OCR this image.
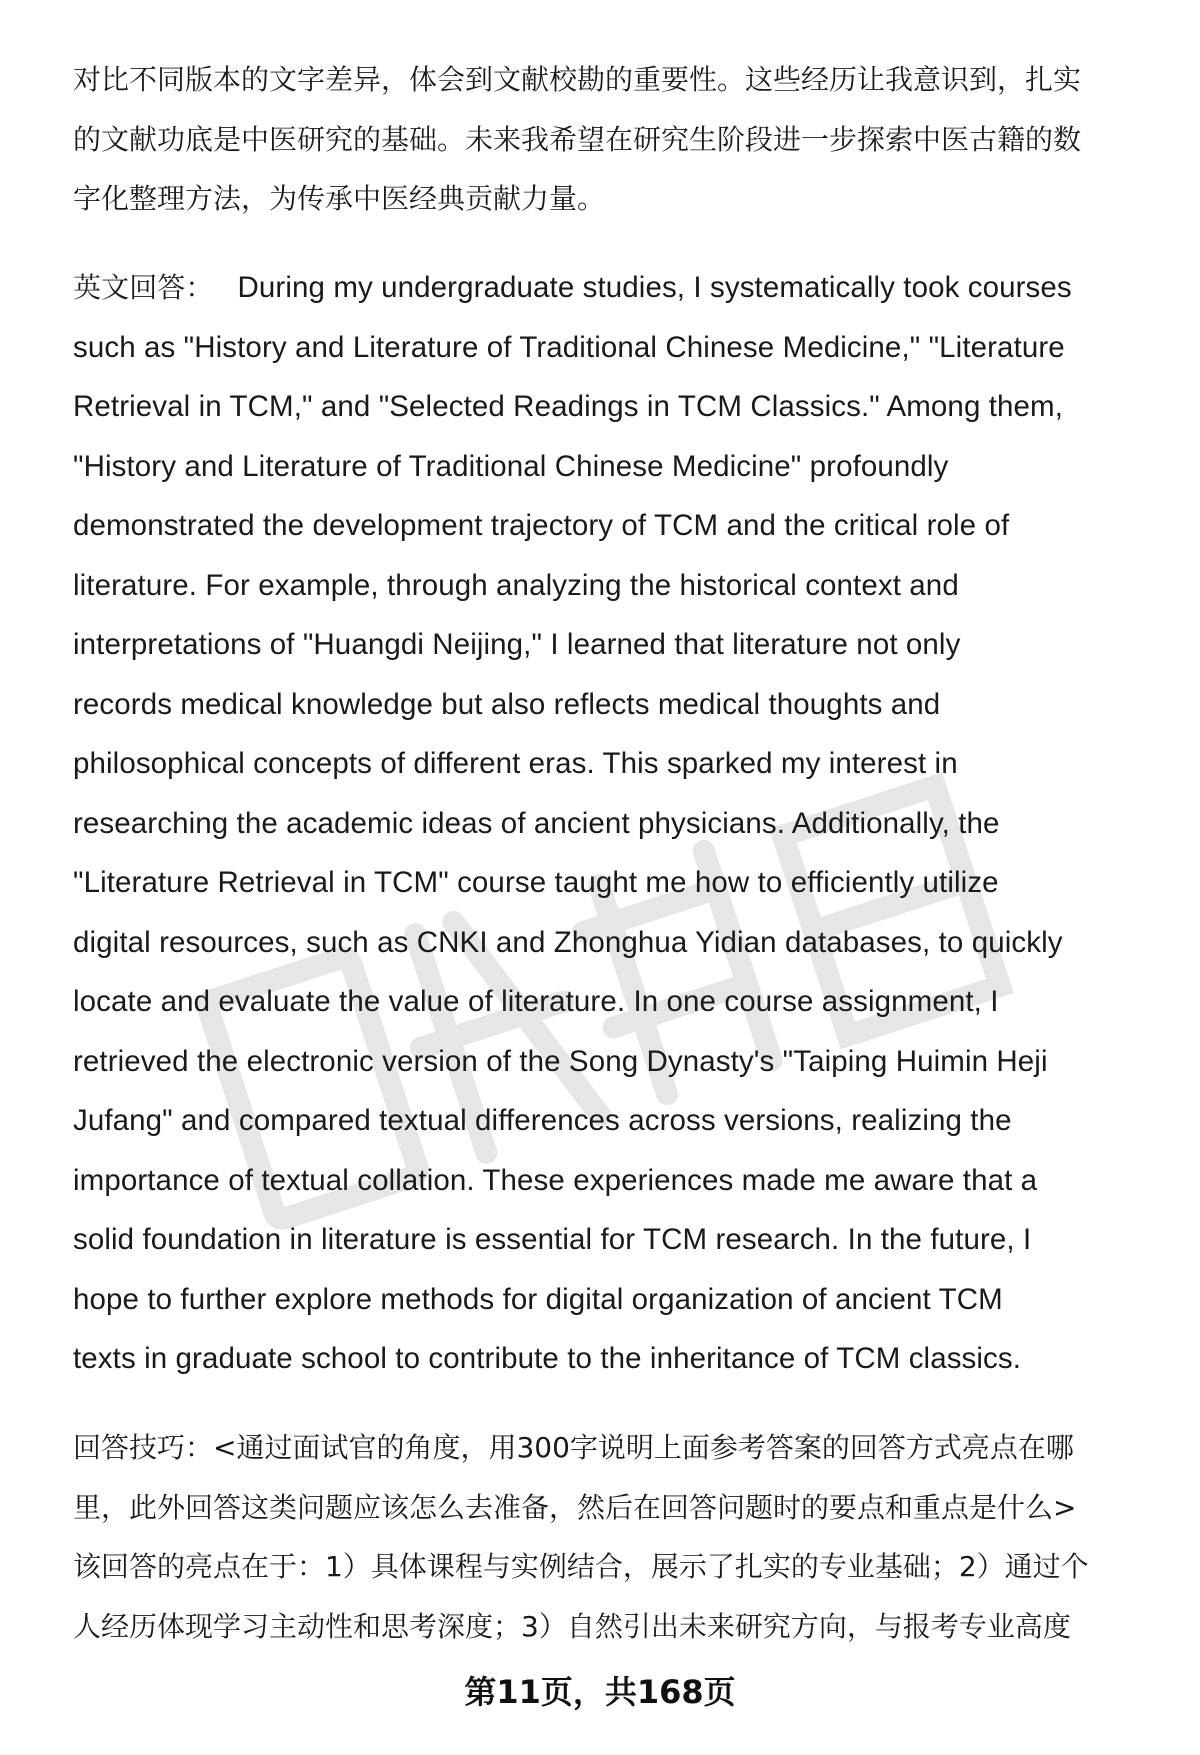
对比不同版本的文字差异，体会到文献校勘的重要性。这些经历让我意识到，扎实
的文献功底是中医研究的基础。未来我希望在研究生阶段进一步探索中医古籍的数
字化整理方法，为传承中医经典贡献力量。
英文回答： During my undergraduate studies, I systematically took courses
such as "History and Literature of Traditional Chinese Medicine," "Literature
Retrieval in TCM," and "Selected Readings in TCM Classics." Among them,
"History and Literature of Traditional Chinese Medicine" profoundly
demonstrated the development trajectory of TCM and the critical role of
literature. For example, through analyzing the historical context and
interpretations of "Huangdi Neijing," I learned that literature not only
records medical knowledge but also reflects medical thoughts and
philosophical concepts of different eras. This sparked my interest in
researching the academic ideas of ancient physicians. Additionally, the
"Literature Retrieval in TCM" course taught me how to efficiently utilize
digital resources, such as CNKI and Zhonghua Yidian databases, to quickly
locate and evaluate the value of literature. In one course assignment, I
retrieved the electronic version of the Song Dynasty's "Taiping Huimin Heji
Jufang" and compared textual differences across versions, realizing the
importance of textual collation. These experiences made me aware that a
solid foundation in literature is essential for TCM research. In the future, I
hope to further explore methods for digital organization of ancient TCM
texts in graduate school to contribute to the inheritance of TCM classics.
回答技巧：<通过面试官的角度，用300字说明上面参考答案的回答方式亮点在哪
里，此外回答这类问题应该怎么去准备，然后在回答问题时的要点和重点是什么>
该回答的亮点在于：1）具体课程与实例结合，展示了扎实的专业基础；2）通过个
人经历体现学习主动性和思考深度；3）自然引出未来研究方向，与报考专业高度
第11页，共168页
